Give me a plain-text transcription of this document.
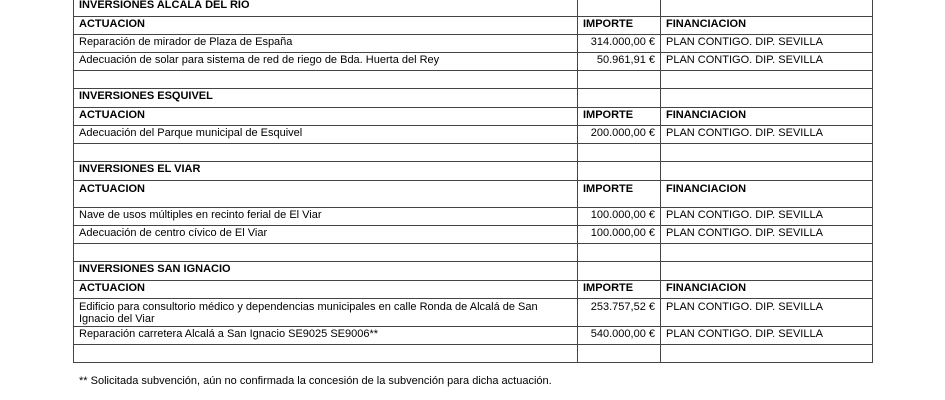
INVERSIONES ALCALÁ DEL RIO		
ACTUACION	IMPORTE	FINANCIACION
Reparación de mirador de Plaza de España	314.000,00 €	PLAN CONTIGO. DIP. SEVILLA
Adecuación de solar para sistema de red de riego de Bda. Huerta del Rey	50.961,91 €	PLAN CONTIGO. DIP. SEVILLA

INVERSIONES ESQUIVEL		
ACTUACION	IMPORTE	FINANCIACION
Adecuación del Parque municipal de Esquivel	200.000,00 €	PLAN CONTIGO. DIP. SEVILLA

INVERSIONES EL VIAR		
ACTUACION	IMPORTE	FINANCIACION
Nave de usos múltiples en recinto ferial de El Viar	100.000,00 €	PLAN CONTIGO. DIP. SEVILLA
Adecuación de centro cívico de El Viar	100.000,00 €	PLAN CONTIGO. DIP. SEVILLA

INVERSIONES SAN IGNACIO		
ACTUACION	IMPORTE	FINANCIACION
Edificio para consultorio médico y dependencias municipales en calle Ronda de Alcalá de San Ignacio del Viar	253.757,52 €	PLAN CONTIGO. DIP. SEVILLA
Reparación carretera Alcalá a San Ignacio SE9025 SE9006**	540.000,00 €	PLAN CONTIGO. DIP. SEVILLA

** Solicitada subvención, aún no confirmada la concesión de la subvención para dicha actuación.
